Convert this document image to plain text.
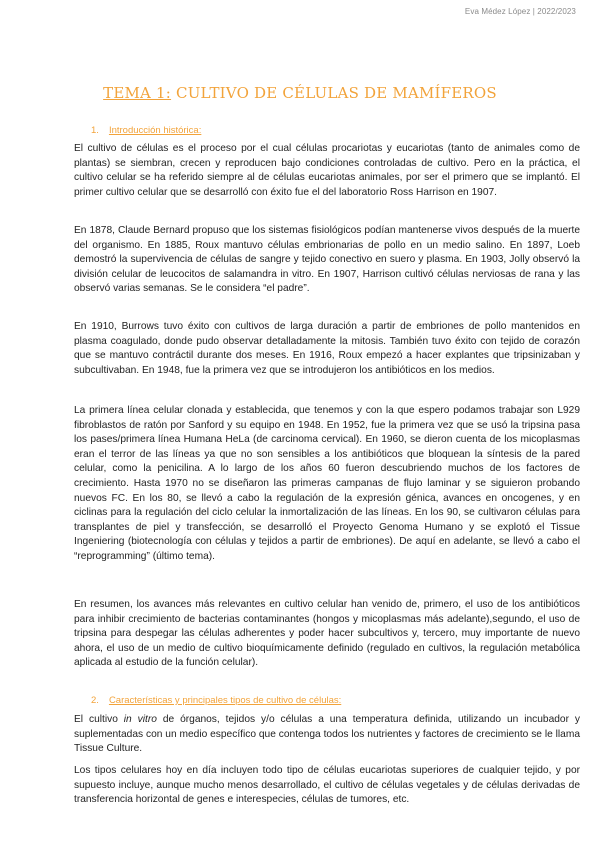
Eva Médez López | 2022/2023
TEMA 1: CULTIVO DE CÉLULAS DE MAMÍFEROS
1. Introducción histórica:

El cultivo de células es el proceso por el cual células procariotas y eucariotas (tanto de animales como de plantas) se siembran, crecen y reproducen bajo condiciones controladas de cultivo. Pero en la práctica, el cultivo celular se ha referido siempre al de células eucariotas animales, por ser el primero que se implantó. El primer cultivo celular que se desarrolló con éxito fue el del laboratorio Ross Harrison en 1907.

En 1878, Claude Bernard propuso que los sistemas fisiológicos podían mantenerse vivos después de la muerte del organismo. En 1885, Roux mantuvo células embrionarias de pollo en un medio salino. En 1897, Loeb demostró la supervivencia de células de sangre y tejido conectivo en suero y plasma. En 1903, Jolly observó la división celular de leucocitos de salamandra in vitro. En 1907, Harrison cultivó células nerviosas de rana y las observó varias semanas. Se le considera “el padre”.

En 1910, Burrows tuvo éxito con cultivos de larga duración a partir de embriones de pollo mantenidos en plasma coagulado, donde pudo observar detalladamente la mitosis. También tuvo éxito con tejido de corazón que se mantuvo contráctil durante dos meses. En 1916, Roux empezó a hacer explantes que tripsinizaban y subcultivaban. En 1948, fue la primera vez que se introdujeron los antibióticos en los medios.

La primera línea celular clonada y establecida, que tenemos y con la que espero podamos trabajar son L929 fibroblastos de ratón por Sanford y su equipo en 1948. En 1952, fue la primera vez que se usó la tripsina pasa los pases/primera línea Humana HeLa (de carcinoma cervical). En 1960, se dieron cuenta de los micoplasmas eran el terror de las líneas ya que no son sensibles a los antibióticos que bloquean la síntesis de la pared celular, como la penicilina. A lo largo de los años 60 fueron descubriendo muchos de los factores de crecimiento. Hasta 1970 no se diseñaron las primeras campanas de flujo laminar y se siguieron probando nuevos FC. En los 80, se llevó a cabo la regulación de la expresión génica, avances en oncogenes, y en ciclinas para la regulación del ciclo celular la inmortalización de las líneas. En los 90, se cultivaron células para transplantes de piel y transfección, se desarrolló el Proyecto Genoma Humano y se explotó el Tissue Ingeniering (biotecnología con células y tejidos a partir de embriones). De aquí en adelante, se llevó a cabo el “reprogramming” (último tema).

En resumen, los avances más relevantes en cultivo celular han venido de, primero, el uso de los antibióticos para inhibir crecimiento de bacterias contaminantes (hongos y micoplasmas más adelante),segundo, el uso de tripsina para despegar las células adherentes y poder hacer subcultivos y, tercero, muy importante de nuevo ahora, el uso de un medio de cultivo bioquímicamente definido (regulado en cultivos, la regulación metabólica aplicada al estudio de la función celular).

2. Características y principales tipos de cultivo de células:

El cultivo in vitro de órganos, tejidos y/o células a una temperatura definida, utilizando un incubador y suplementadas con un medio específico que contenga todos los nutrientes y factores de crecimiento se le llama Tissue Culture.

Los tipos celulares hoy en día incluyen todo tipo de células eucariotas superiores de cualquier tejido, y por supuesto incluye, aunque mucho menos desarrollado, el cultivo de células vegetales y de células derivadas de transferencia horizontal de genes e interespecies, células de tumores, etc.
